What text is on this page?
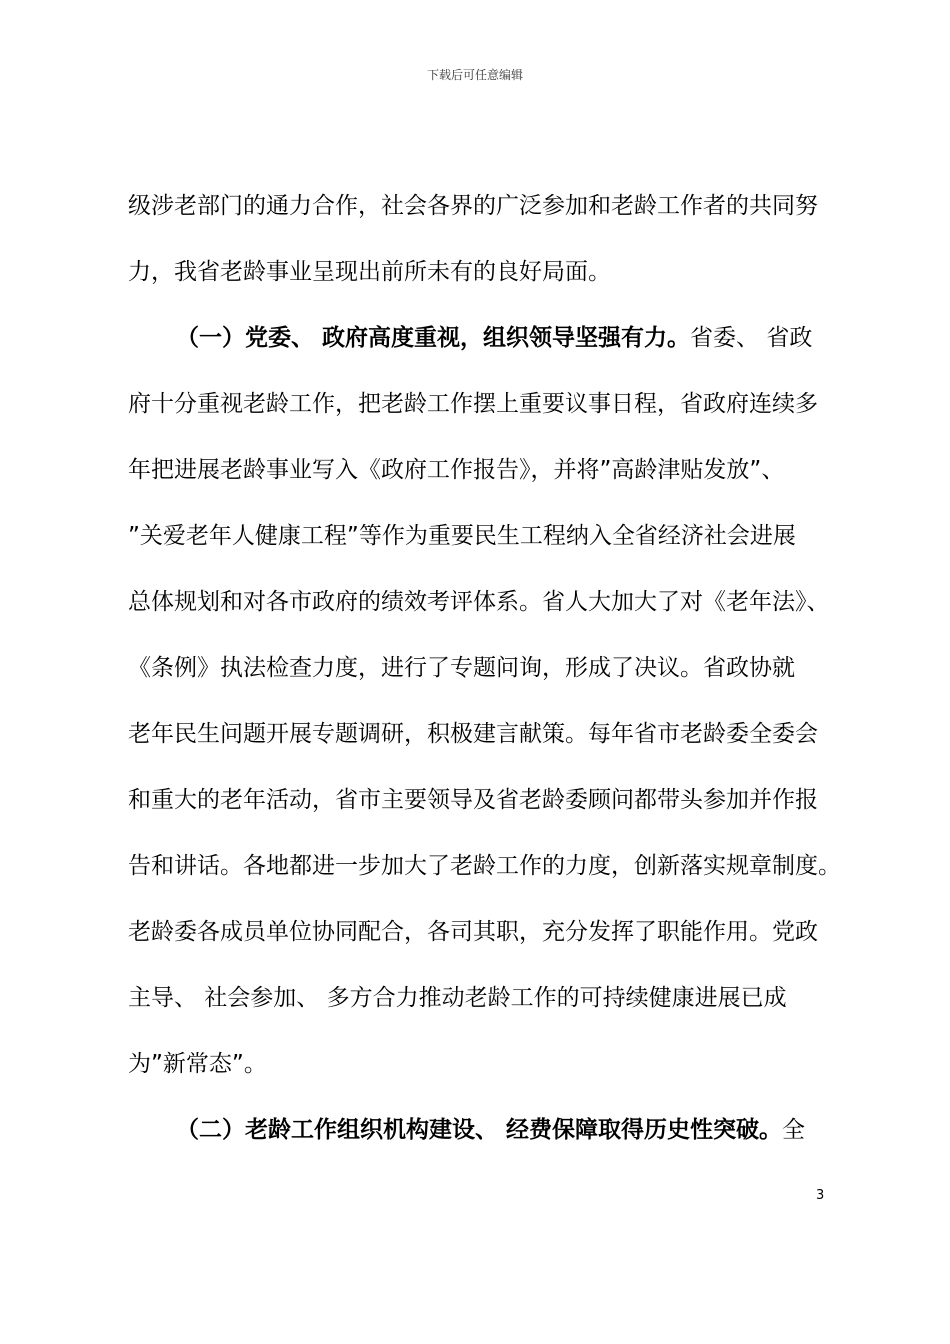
下载后可任意编辑
级涉老部门的通力合作，社会各界的广泛参加和老龄工作者的共同努
力，我省老龄事业呈现出前所未有的良好局面。
（一）党委、 政府高度重视，组织领导坚强有力。省委、 省政
府十分重视老龄工作，把老龄工作摆上重要议事日程，省政府连续多
年把进展老龄事业写入《政府工作报告》，并将”高龄津贴发放”、
”关爱老年人健康工程”等作为重要民生工程纳入全省经济社会进展
总体规划和对各市政府的绩效考评体系。省人大加大了对《老年法》、
《条例》执法检查力度，进行了专题问询，形成了决议。省政协就
老年民生问题开展专题调研，积极建言献策。每年省市老龄委全委会
和重大的老年活动，省市主要领导及省老龄委顾问都带头参加并作报
告和讲话。各地都进一步加大了老龄工作的力度，创新落实规章制度。
老龄委各成员单位协同配合，各司其职，充分发挥了职能作用。党政
主导、 社会参加、 多方合力推动老龄工作的可持续健康进展已成
为”新常态”。
（二）老龄工作组织机构建设、 经费保障取得历史性突破。全
3
